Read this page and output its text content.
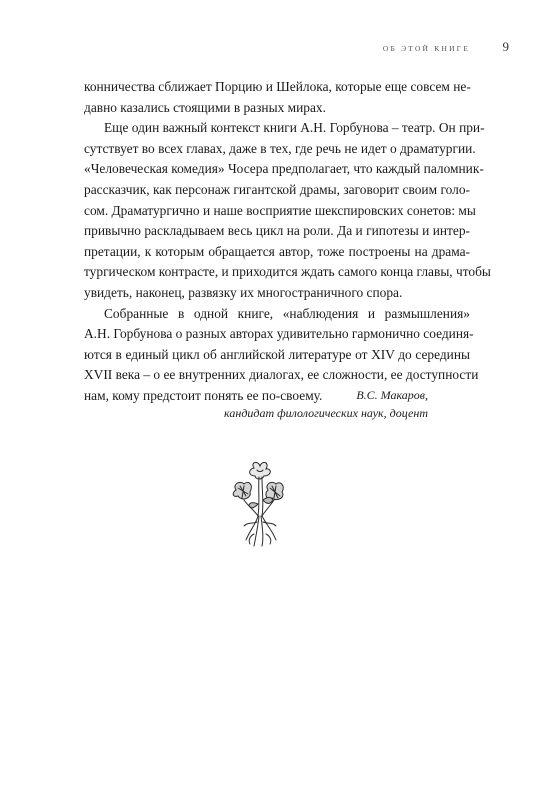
ОБ ЭТОЙ КНИГЕ	9
конничества сближает Порцию и Шейлока, которые еще совсем не-
давно казались стоящими в разных мирах.
Еще один важный контекст книги А.Н. Горбунова – театр. Он при-
сутствует во всех главах, даже в тех, где речь не идет о драматургии.
«Человеческая комедия» Чосера предполагает, что каждый паломник-
рассказчик, как персонаж гигантской драмы, заговорит своим голо-
сом. Драматургично и наше восприятие шекспировских сонетов: мы
привычно раскладываем весь цикл на роли. Да и гипотезы и интер-
претации, к которым обращается автор, тоже построены на драма-
тургическом контрасте, и приходится ждать самого конца главы, чтобы
увидеть, наконец, развязку их многостраничного спора.
Собранные в одной книге, «наблюдения и размышления»
А.Н. Горбунова о разных авторах удивительно гармонично соединя-
ются в единый цикл об английской литературе от XIV до середины
XVII века – о ее внутренних диалогах, ее сложности, ее доступности
нам, кому предстоит понять ее по-своему.	В.С. Макаров,
кандидат филологических наук, доцент
